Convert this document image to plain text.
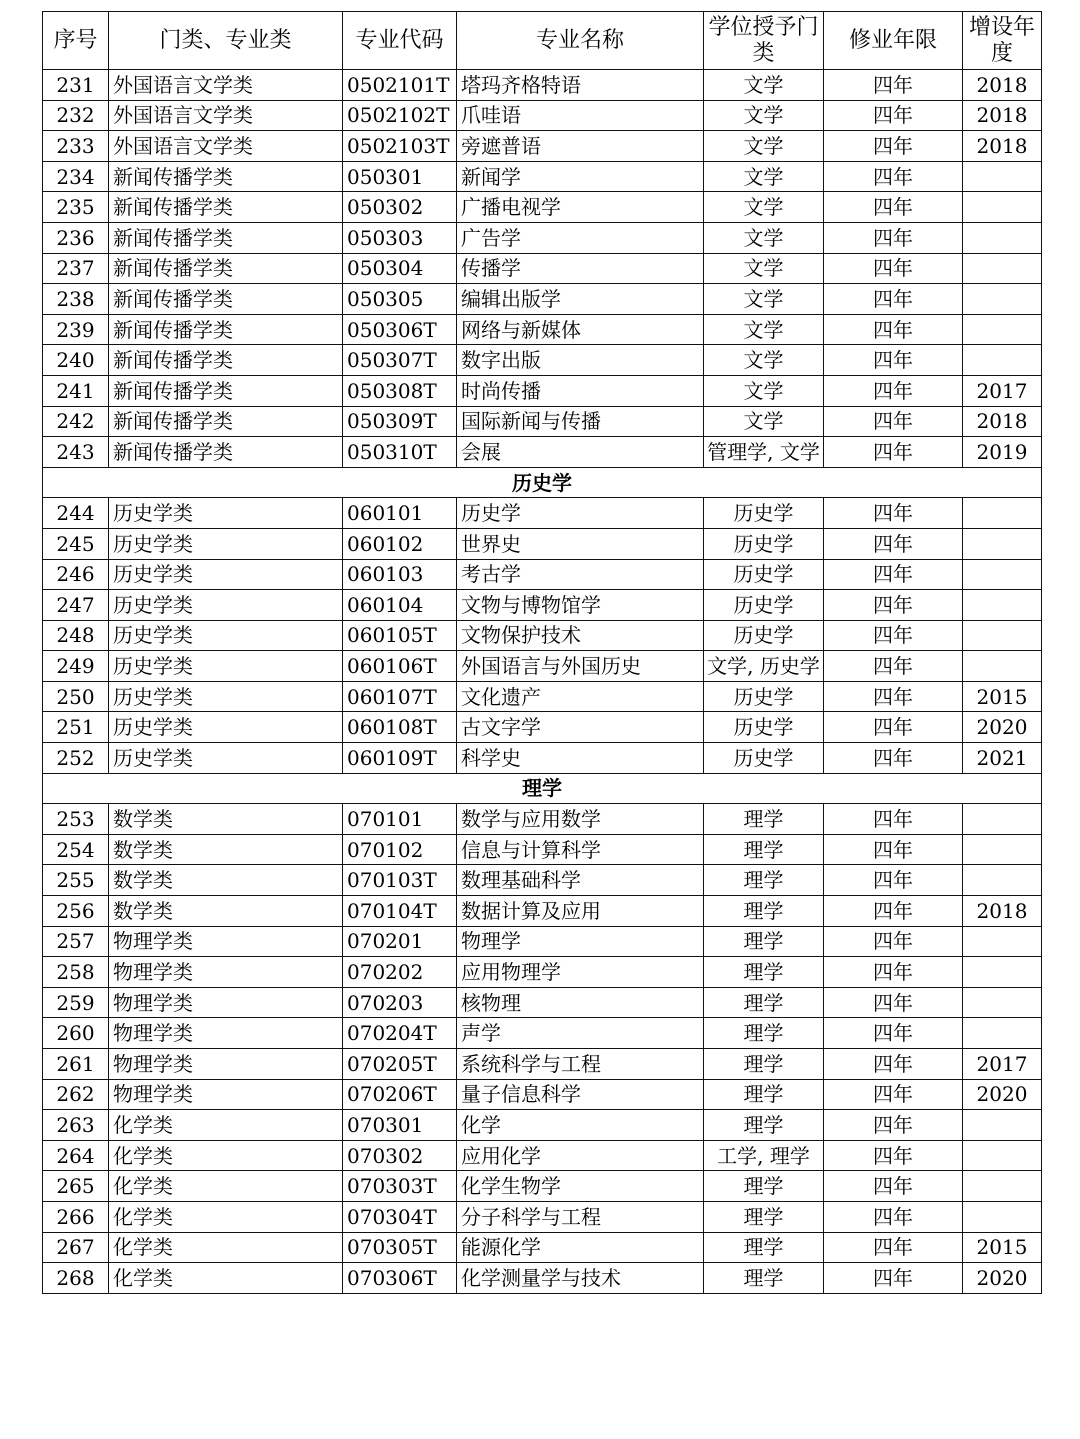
序号	门类、专业类	专业代码	专业名称	学位授予门类	修业年限	增设年度
231	外国语言文学类	0502101T	塔玛齐格特语	文学	四年	2018
232	外国语言文学类	0502102T	爪哇语	文学	四年	2018
233	外国语言文学类	0502103T	旁遮普语	文学	四年	2018
234	新闻传播学类	050301	新闻学	文学	四年	
235	新闻传播学类	050302	广播电视学	文学	四年	
236	新闻传播学类	050303	广告学	文学	四年	
237	新闻传播学类	050304	传播学	文学	四年	
238	新闻传播学类	050305	编辑出版学	文学	四年	
239	新闻传播学类	050306T	网络与新媒体	文学	四年	
240	新闻传播学类	050307T	数字出版	文学	四年	
241	新闻传播学类	050308T	时尚传播	文学	四年	2017
242	新闻传播学类	050309T	国际新闻与传播	文学	四年	2018
243	新闻传播学类	050310T	会展	管理学, 文学	四年	2019
历史学						
244	历史学类	060101	历史学	历史学	四年	
245	历史学类	060102	世界史	历史学	四年	
246	历史学类	060103	考古学	历史学	四年	
247	历史学类	060104	文物与博物馆学	历史学	四年	
248	历史学类	060105T	文物保护技术	历史学	四年	
249	历史学类	060106T	外国语言与外国历史	文学, 历史学	四年	
250	历史学类	060107T	文化遗产	历史学	四年	2015
251	历史学类	060108T	古文字学	历史学	四年	2020
252	历史学类	060109T	科学史	历史学	四年	2021
理学						
253	数学类	070101	数学与应用数学	理学	四年	
254	数学类	070102	信息与计算科学	理学	四年	
255	数学类	070103T	数理基础科学	理学	四年	
256	数学类	070104T	数据计算及应用	理学	四年	2018
257	物理学类	070201	物理学	理学	四年	
258	物理学类	070202	应用物理学	理学	四年	
259	物理学类	070203	核物理	理学	四年	
260	物理学类	070204T	声学	理学	四年	
261	物理学类	070205T	系统科学与工程	理学	四年	2017
262	物理学类	070206T	量子信息科学	理学	四年	2020
263	化学类	070301	化学	理学	四年	
264	化学类	070302	应用化学	工学, 理学	四年	
265	化学类	070303T	化学生物学	理学	四年	
266	化学类	070304T	分子科学与工程	理学	四年	
267	化学类	070305T	能源化学	理学	四年	2015
268	化学类	070306T	化学测量学与技术	理学	四年	2020
